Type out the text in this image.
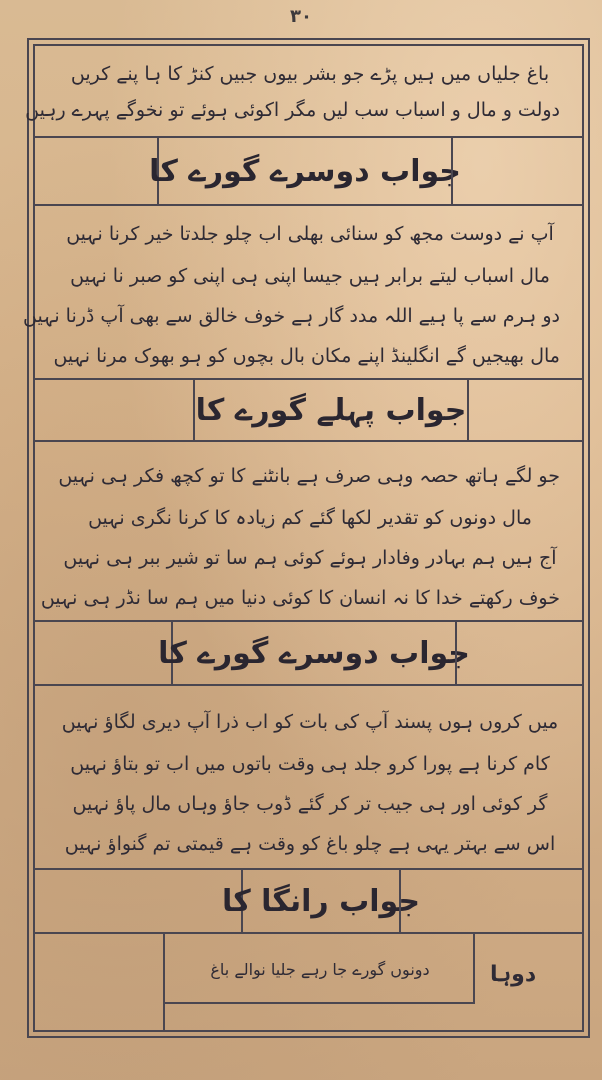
۳۰
باغ جلیاں میں ہیں پڑے جو بشر بیوں جبیں کنڑ کا ہا پنے کریں
دولت و مال و اسباب سب لیں مگر اکوئی ہوئے تو نخوگے پہرے رہیں
جواب دوسرے گورے کا
آپ نے دوست مجھ کو سنائی بھلی اب چلو جلدتا خیر کرنا نہیں
مال اسباب لیتے برابر ہیں جیسا اپنی ہی اپنی کو صبر نا نہیں
دو ہرم سے پا ہیے اللہ مدد گار ہے خوف خالق سے بھی آپ ڈرنا نہیں
مال بھیجیں گے انگلینڈ اپنے مکان بال بچوں کو ہو بھوک مرنا نہیں
جواب پہلے گورے کا
جو لگے ہاتھ حصہ وہی صرف ہے بانٹنے کا تو کچھ فکر ہی نہیں
مال دونوں کو تقدیر لکھا گئے کم زیادہ کا کرنا نگری نہیں
آج ہیں ہم بہادر وفادار ہوئے کوئی ہم سا تو شیر ببر ہی نہیں
خوف رکھتے خدا کا نہ انسان کا کوئی دنیا میں ہم سا نڈر ہی نہیں
جواب دوسرے گورے کا
میں کروں ہوں پسند آپ کی بات کو اب ذرا آپ دیری لگاؤ نہیں
کام کرنا ہے پورا کرو جلد ہی وقت باتوں میں اب تو بتاؤ نہیں
گر کوئی اور ہی جیب تر کر گئے ڈوب جاؤ وہاں مال پاؤ نہیں
اس سے بہتر یہی ہے چلو باغ کو وقت ہے قیمتی تم گنواؤ نہیں
جواب رانگا کا
دونوں گورے جا رہے جلیا نوالے باغ	دوہا
